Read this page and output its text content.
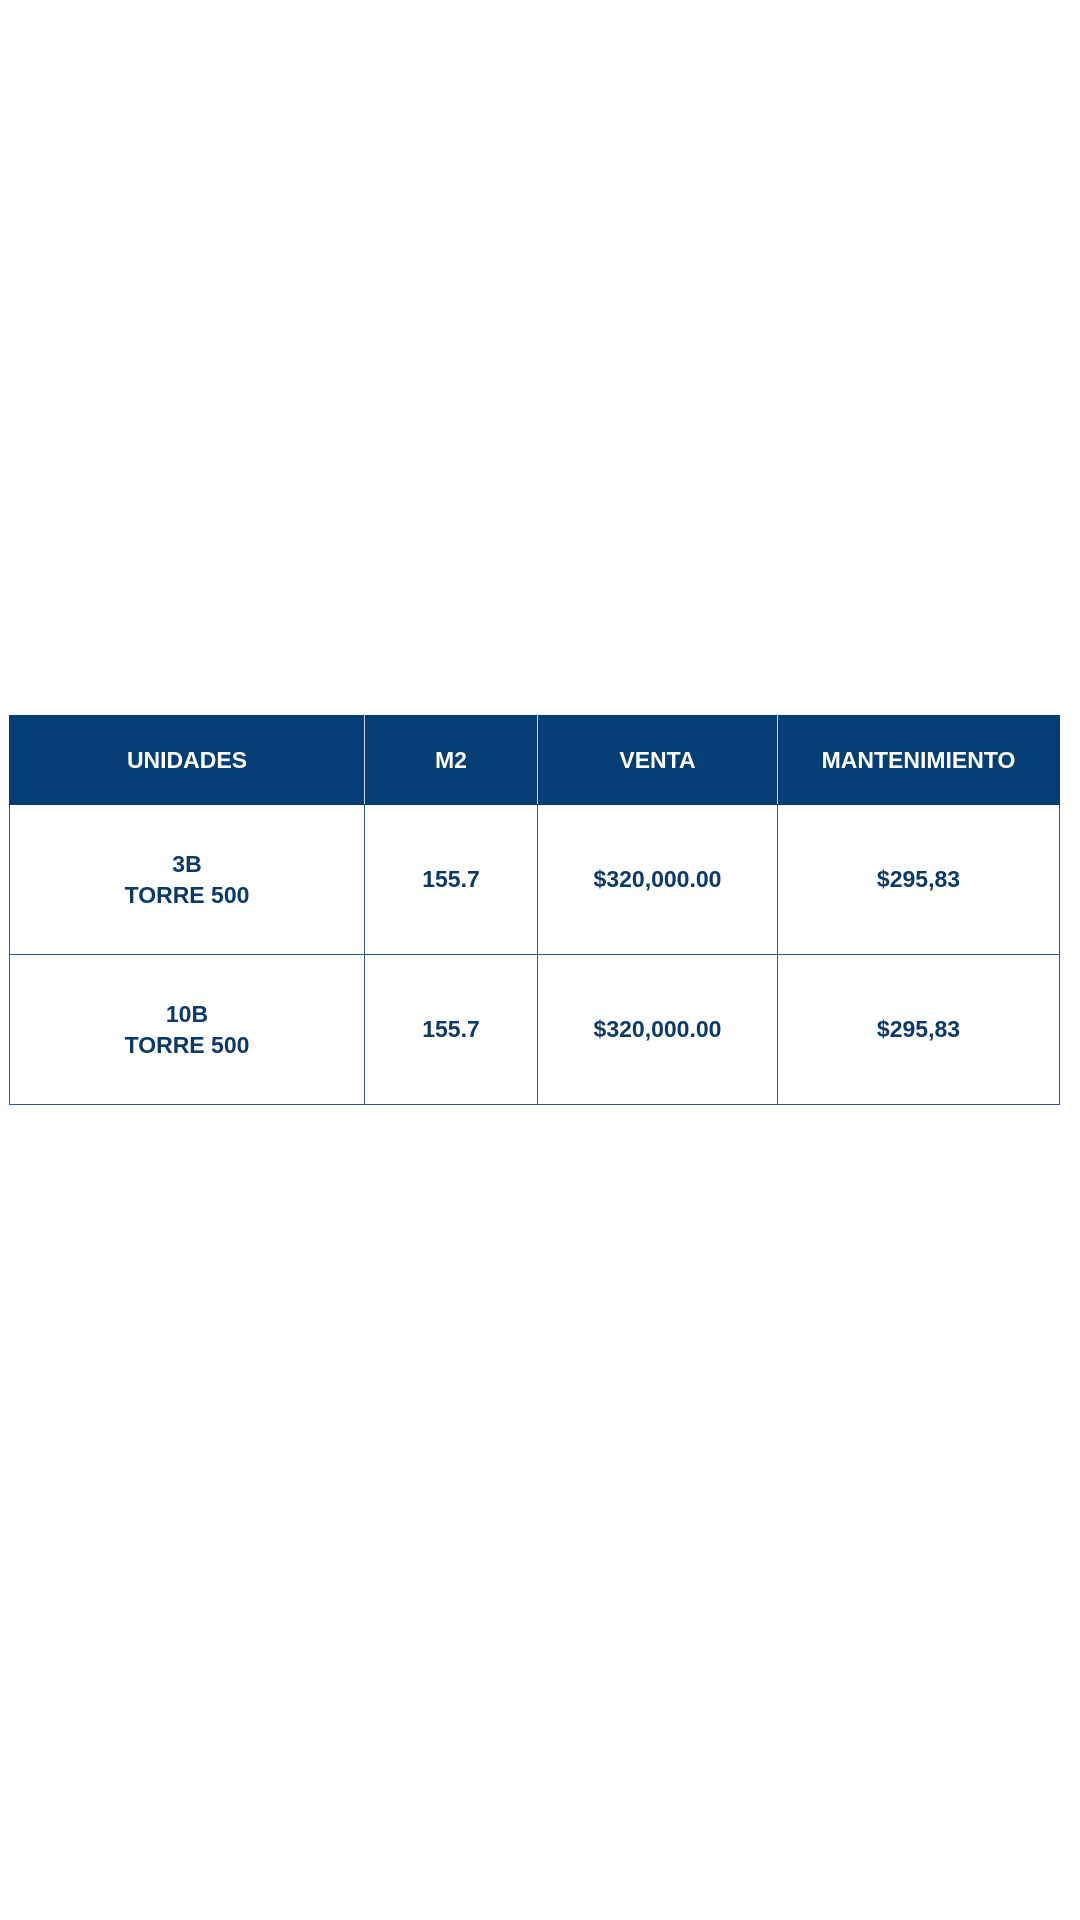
UNIDADES	M2	VENTA	MANTENIMIENTO

3B
TORRE 500	155.7	$320,000.00	$295,83

10B
TORRE 500	155.7	$320,000.00	$295,83
